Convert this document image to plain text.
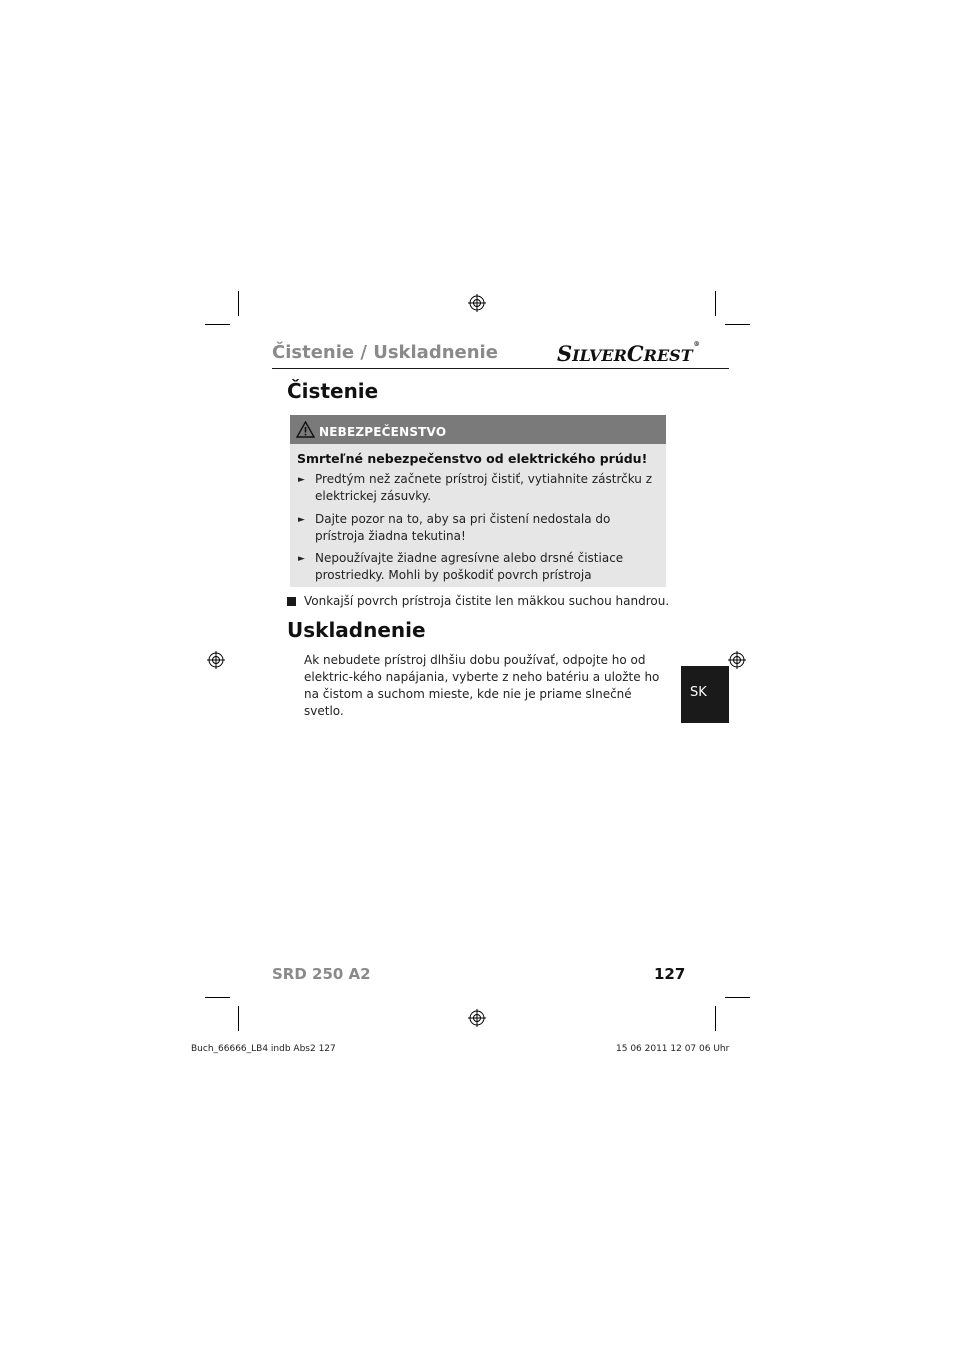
Čistenie / Uskladnenie	SILVERCREST®
Čistenie
NEBEZPEČENSTVO
Smrteľné nebezpečenstvo od elektrického prúdu!
► Predtým než začnete prístroj čistiť, vytiahnite zástrčku z elektrickej zásuvky.
► Dajte pozor na to, aby sa pri čistení nedostala do prístroja žiadna tekutina!
► Nepoužívajte žiadne agresívne alebo drsné čistiace prostriedky. Mohli by poškodiť povrch prístroja
Vonkajší povrch prístroja čistite len mäkkou suchou handrou.
Uskladnenie
Ak nebudete prístroj dlhšiu dobu používať, odpojte ho od elektric-kého napájania, vyberte z neho batériu a uložte ho na čistom a suchom mieste, kde nie je priame slnečné svetlo.
SK
SRD 250 A2	127
Buch_66666_LB4 indb Abs2 127	15 06 2011 12 07 06 Uhr
